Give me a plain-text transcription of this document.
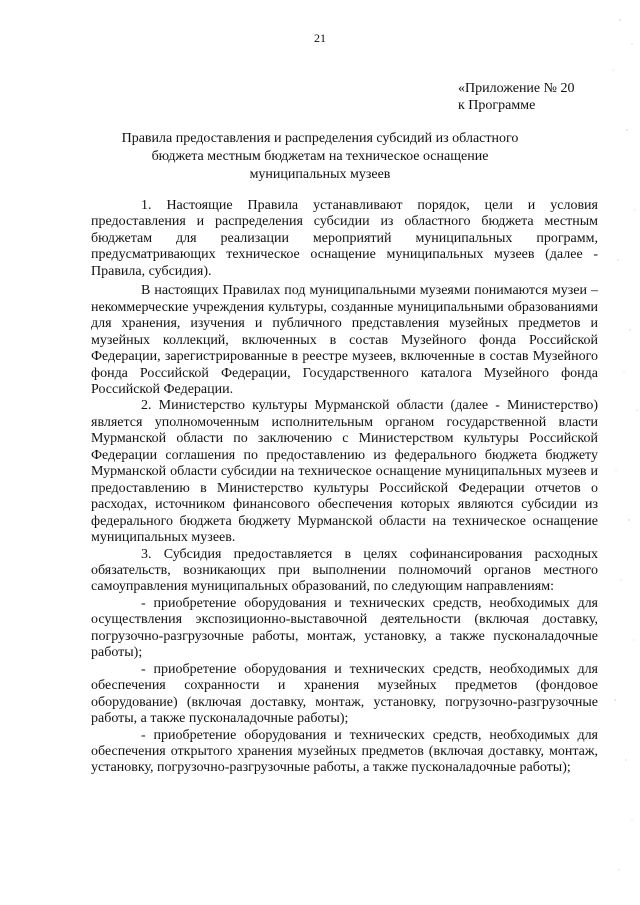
21
«Приложение № 20
к Программе
Правила предоставления и распределения субсидий из областного
бюджета местным бюджетам на техническое оснащение
муниципальных музеев

1. Настоящие Правила устанавливают порядок, цели и условия предоставления и распределения субсидии из областного бюджета местным бюджетам для реализации мероприятий муниципальных программ, предусматривающих техническое оснащение муниципальных музеев (далее - Правила, субсидия).

В настоящих Правилах под муниципальными музеями понимаются музеи – некоммерческие учреждения культуры, созданные муниципальными образованиями для хранения, изучения и публичного представления музейных предметов и музейных коллекций, включенных в состав Музейного фонда Российской Федерации, зарегистрированные в реестре музеев, включенные в состав Музейного фонда Российской Федерации, Государственного каталога Музейного фонда Российской Федерации.

2. Министерство культуры Мурманской области (далее - Министерство) является уполномоченным исполнительным органом государственной власти Мурманской области по заключению с Министерством культуры Российской Федерации соглашения по предоставлению из федерального бюджета бюджету Мурманской области субсидии на техническое оснащение муниципальных музеев и предоставлению в Министерство культуры Российской Федерации отчетов о расходах, источником финансового обеспечения которых являются субсидии из федерального бюджета бюджету Мурманской области на техническое оснащение муниципальных музеев.

3. Субсидия предоставляется в целях софинансирования расходных обязательств, возникающих при выполнении полномочий органов местного самоуправления муниципальных образований, по следующим направлениям:

- приобретение оборудования и технических средств, необходимых для осуществления экспозиционно-выставочной деятельности (включая доставку, погрузочно-разгрузочные работы, монтаж, установку, а также пусконаладочные работы);

- приобретение оборудования и технических средств, необходимых для обеспечения сохранности и хранения музейных предметов (фондовое оборудование) (включая доставку, монтаж, установку, погрузочно-разгрузочные работы, а также пусконаладочные работы);

- приобретение оборудования и технических средств, необходимых для обеспечения открытого хранения музейных предметов (включая доставку, монтаж, установку, погрузочно-разгрузочные работы, а также пусконаладочные работы);
